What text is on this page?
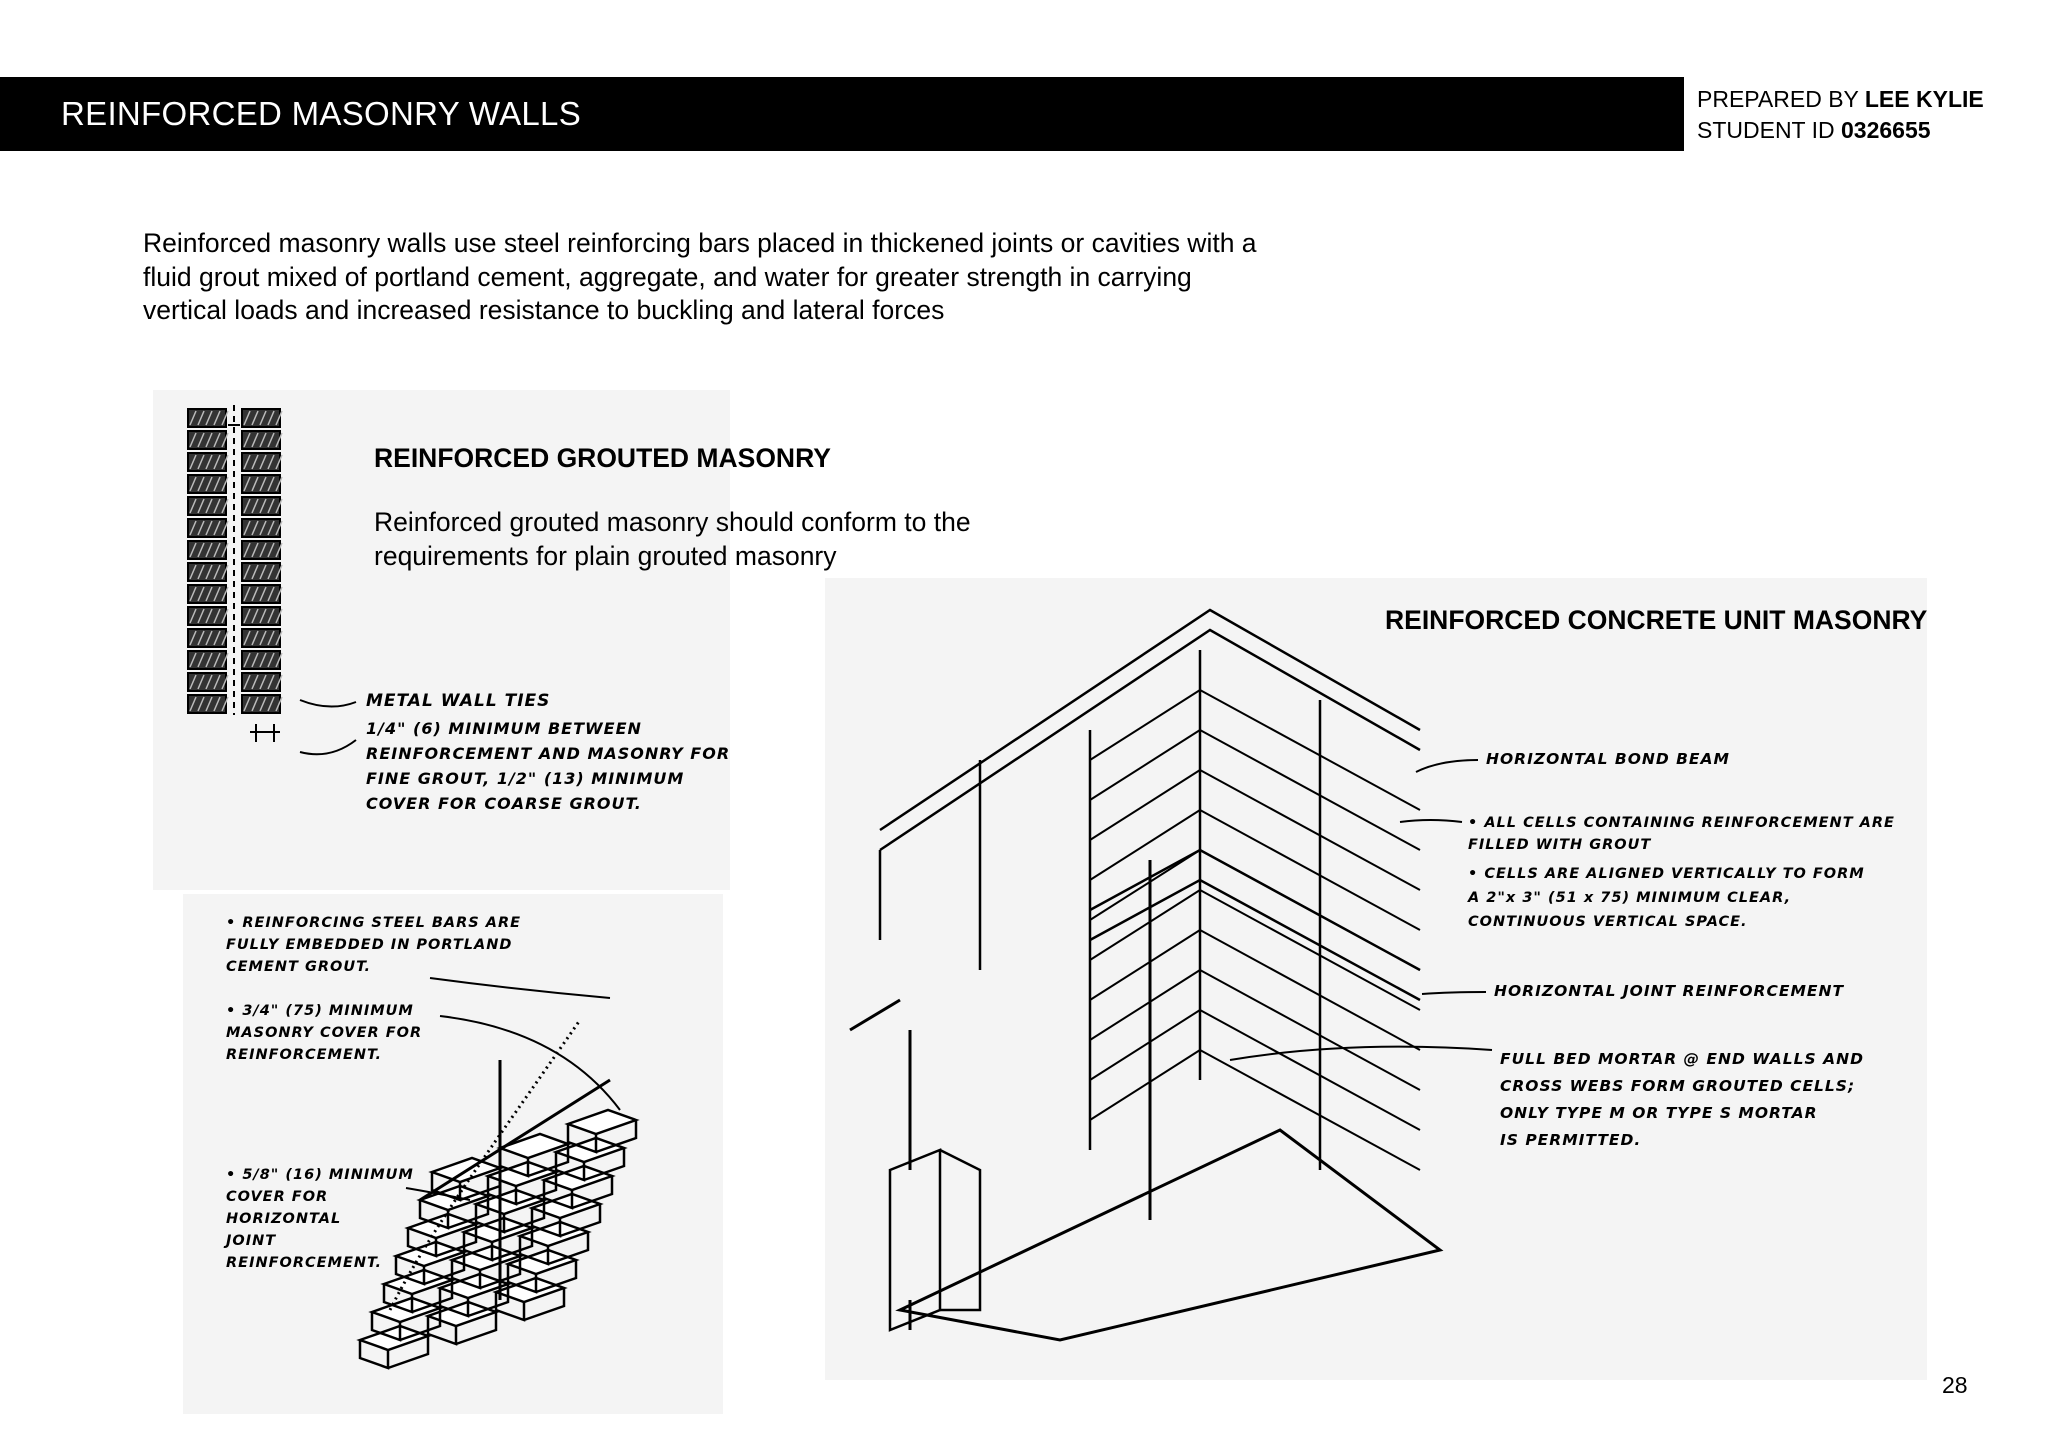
REINFORCED MASONRY WALLS	PREPARED BY LEE KYLIE
STUDENT ID 0326655
Reinforced masonry walls use steel reinforcing bars placed in thickened joints or cavities with a fluid grout mixed of portland cement, aggregate, and water for greater strength in carrying vertical loads and increased resistance to buckling and lateral forces
REINFORCED GROUTED MASONRY
Reinforced grouted masonry should conform to the requirements for plain grouted masonry
METAL WALL TIES
1/4" (6) MINIMUM BETWEEN
REINFORCEMENT AND MASONRY FOR
FINE GROUT, 1/2" (13) MINIMUM
COVER FOR COARSE GROUT.
• REINFORCING STEEL BARS ARE
FULLY EMBEDDED IN PORTLAND
CEMENT GROUT.
• 3/4" (75) MINIMUM
MASONRY COVER FOR
REINFORCEMENT.
• 5/8" (16) MINIMUM
COVER FOR
HORIZONTAL
JOINT
REINFORCEMENT.
REINFORCED CONCRETE UNIT MASONRY
HORIZONTAL BOND BEAM
• ALL CELLS CONTAINING REINFORCEMENT ARE
FILLED WITH GROUT
• CELLS ARE ALIGNED VERTICALLY TO FORM
A 2"x 3" (51 x 75) MINIMUM CLEAR,
CONTINUOUS VERTICAL SPACE.
HORIZONTAL JOINT REINFORCEMENT
FULL BED MORTAR @ END WALLS AND
CROSS WEBS FORM GROUTED CELLS;
ONLY TYPE M OR TYPE S MORTAR
IS PERMITTED.
28
